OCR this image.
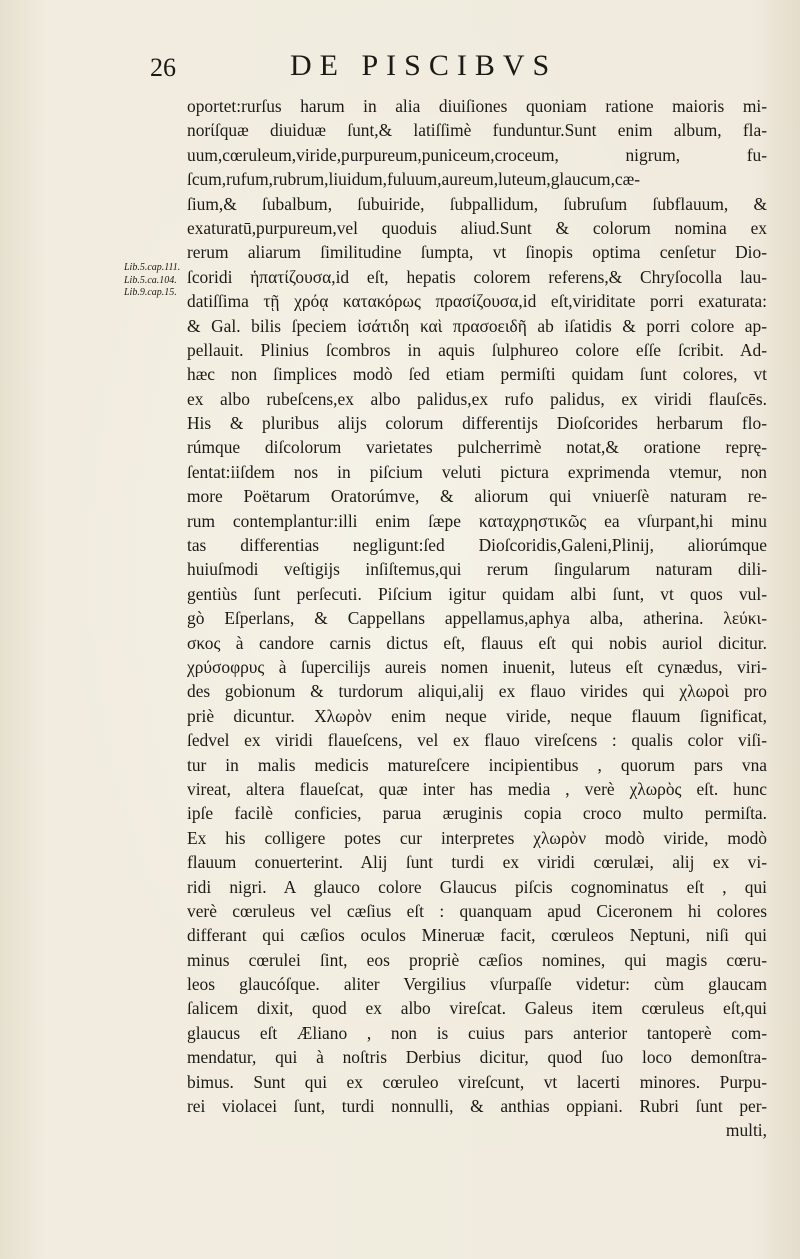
26	DE PISCIBVS
Lib.5.cap.111.
Lib.5.ca.104.
Lib.9.cap.15.
oportet:rurſus harum in alia diuiſiones quoniam ratione maioris mi-
norίſquæ diuiduæ ſunt,& latiſſimè funduntur.Sunt enim album, fla-
uum,cœruleum,viride,purpureum,puniceum,croceum, nigrum, fu-
ſcum,rufum,rubrum,liuidum,fuluum,aureum,luteum,glaucum,cæ-
ſium,& ſubalbum, ſubuiride, ſubpallidum, ſubruſum ſubflauum, &
exaturatū,purpureum,vel quoduis aliud.Sunt & colorum nomina ex
rerum aliarum ſimilitudine ſumpta, vt ſinopis optima cenſetur Dio-
ſcoridi ἡπατίζουσα,id eſt, hepatis colorem referens,& Chryſocolla lau-
datiſſima τῇ χρόᾳ κατακόρως πρασίζουσα,id eſt,viriditate porri exaturata:
& Gal. bilis ſpeciem ἰσάτιδη καὶ πρασοειδῆ ab iſatidis & porri colore ap-
pellauit. Plinius ſcombros in aquis ſulphureo colore eſſe ſcribit. Ad-
hæc non ſimplices modò ſed etiam permiſti quidam ſunt colores, vt
ex albo rubeſcens,ex albo palidus,ex rufo palidus, ex viridi flauſcēs.
His & pluribus alijs colorum differentijs Dioſcorides herbarum flo-
rúmque diſcolorum varietates pulcherrimè notat,& oratione reprę-
ſentat:iiſdem nos in piſcium veluti pictura exprimenda vtemur, non
more Poëtarum Oratorúmve, & aliorum qui vniuerſè naturam re-
rum contemplantur:illi enim ſæpe καταχρηστικῶς ea vſurpant,hi minu
tas differentias negligunt:ſed Dioſcoridis,Galeni,Plinij, aliorúmque
huiuſmodi veſtigijs inſiſtemus,qui rerum ſingularum naturam dili-
gentiùs ſunt perſecuti. Piſcium igitur quidam albi ſunt, vt quos vul-
gò Eſperlans, & Cappellans appellamus,aphya alba, atherina. λεύκι-
σκος à candore carnis dictus eſt, flauus eſt qui nobis auriol dicitur.
χρύσοφρυς à ſupercilijs aureis nomen inuenit, luteus eſt cynædus, viri-
des gobionum & turdorum aliqui,alij ex flauo virides qui χλωροὶ pro
priè dicuntur. Χλωρὸν enim neque viride, neque flauum ſignificat,
ſedvel ex viridi flaueſcens, vel ex flauo vireſcens : qualis color viſi-
tur in malis medicis matureſcere incipientibus , quorum pars vna
vireat, altera flaueſcat, quæ inter has media , verè χλωρὸς eſt. hunc
ipſe facilè conficies, parua æruginis copia croco multo permiſta.
Ex his colligere potes cur interpretes χλωρὸν modò viride, modò
flauum conuerterint. Alij ſunt turdi ex viridi cœrulæi, alij ex vi-
ridi nigri. A glauco colore Glaucus piſcis cognominatus eſt , qui
verè cœruleus vel cæſius eſt : quanquam apud Ciceronem hi colores
differant qui cæſios oculos Mineruæ facit, cœruleos Neptuni, niſi qui
minus cœrulei ſint, eos propriè cæſios nomines, qui magis cœru-
leos glaucóſque. aliter Vergilius vſurpaſſe videtur: cùm glaucam
ſalicem dixit, quod ex albo vireſcat. Galeus item cœruleus eſt,qui
glaucus eſt Æliano , non is cuius pars anterior tantoperè com-
mendatur, qui à noſtris Derbius dicitur, quod ſuo loco demonſtra-
bimus. Sunt qui ex cœruleo vireſcunt, vt lacerti minores. Purpu-
rei violacei ſunt, turdi nonnulli, & anthias oppiani. Rubri ſunt per-
multi,
